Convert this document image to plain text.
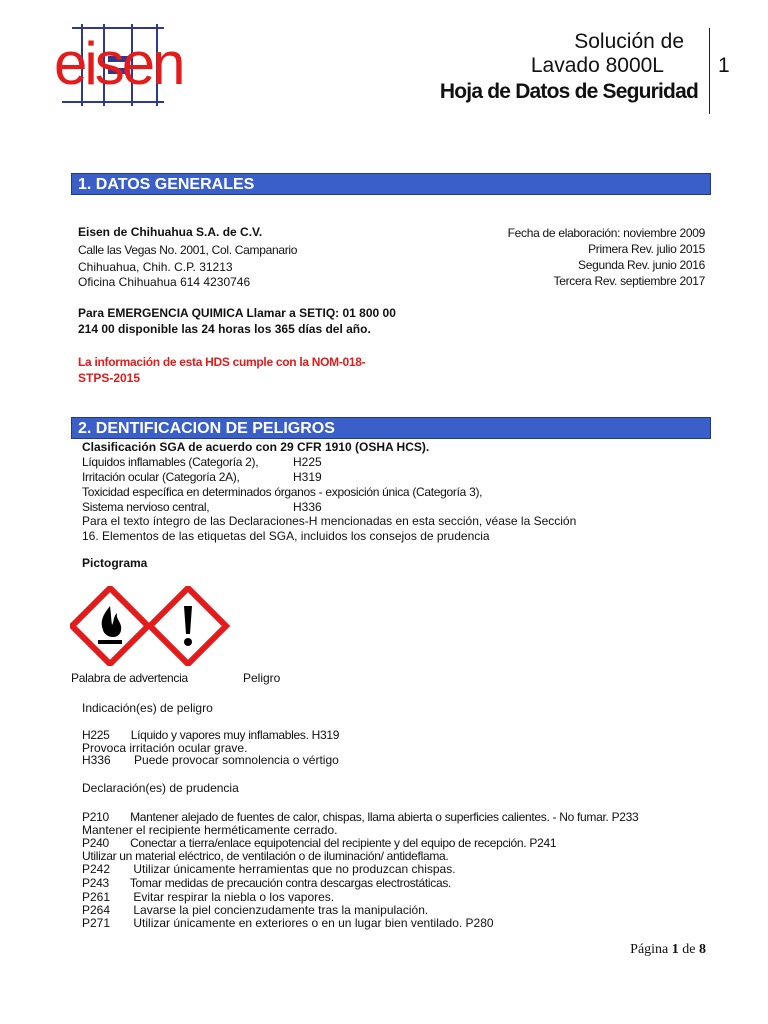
eisen	Solución de
Lavado 8000L
Hoja de Datos de Seguridad
1
1. DATOS GENERALES
Eisen de Chihuahua S.A. de C.V.
Calle las Vegas No. 2001, Col. Campanario
Chihuahua, Chih. C.P. 31213
Oficina Chihuahua 614 4230746
Fecha de elaboración: noviembre 2009
Primera Rev. julio 2015
Segunda Rev. junio 2016
Tercera Rev. septiembre 2017
Para EMERGENCIA QUIMICA Llamar a SETIQ: 01 800 00
214 00 disponible las 24 horas los 365 días del año.
La información de esta HDS cumple con la NOM-018-
STPS-2015
2. DENTIFICACION DE PELIGROS
Clasificación SGA de acuerdo con 29 CFR 1910 (OSHA HCS).
Líquidos inflamables (Categoría 2),	H225
Irritación ocular (Categoría 2A),	H319
Toxicidad específica en determinados órganos - exposición única (Categoría 3),
Sistema nervioso central,	H336
Para el texto íntegro de las Declaraciones-H mencionadas en esta sección, véase la Sección
16. Elementos de las etiquetas del SGA, incluidos los consejos de prudencia
Pictograma
Palabra de advertencia	Peligro
Indicación(es) de peligro
H225       Líquido y vapores muy inflamables. H319
Provoca irritación ocular grave.
H336       Puede provocar somnolencia o vértigo
Declaración(es) de prudencia
P210       Mantener alejado de fuentes de calor, chispas, llama abierta o superficies calientes. - No fumar. P233
Mantener el recipiente herméticamente cerrado.
P240       Conectar a tierra/enlace equipotencial del recipiente y del equipo de recepción. P241
Utilizar un material eléctrico, de ventilación o de iluminación/ antideflama.
P242       Utilizar únicamente herramientas que no produzcan chispas.
P243       Tomar medidas de precaución contra descargas electrostáticas.
P261       Evitar respirar la niebla o los vapores.
P264       Lavarse la piel concienzudamente tras la manipulación.
P271       Utilizar únicamente en exteriores o en un lugar bien ventilado. P280
Página 1 de 8
